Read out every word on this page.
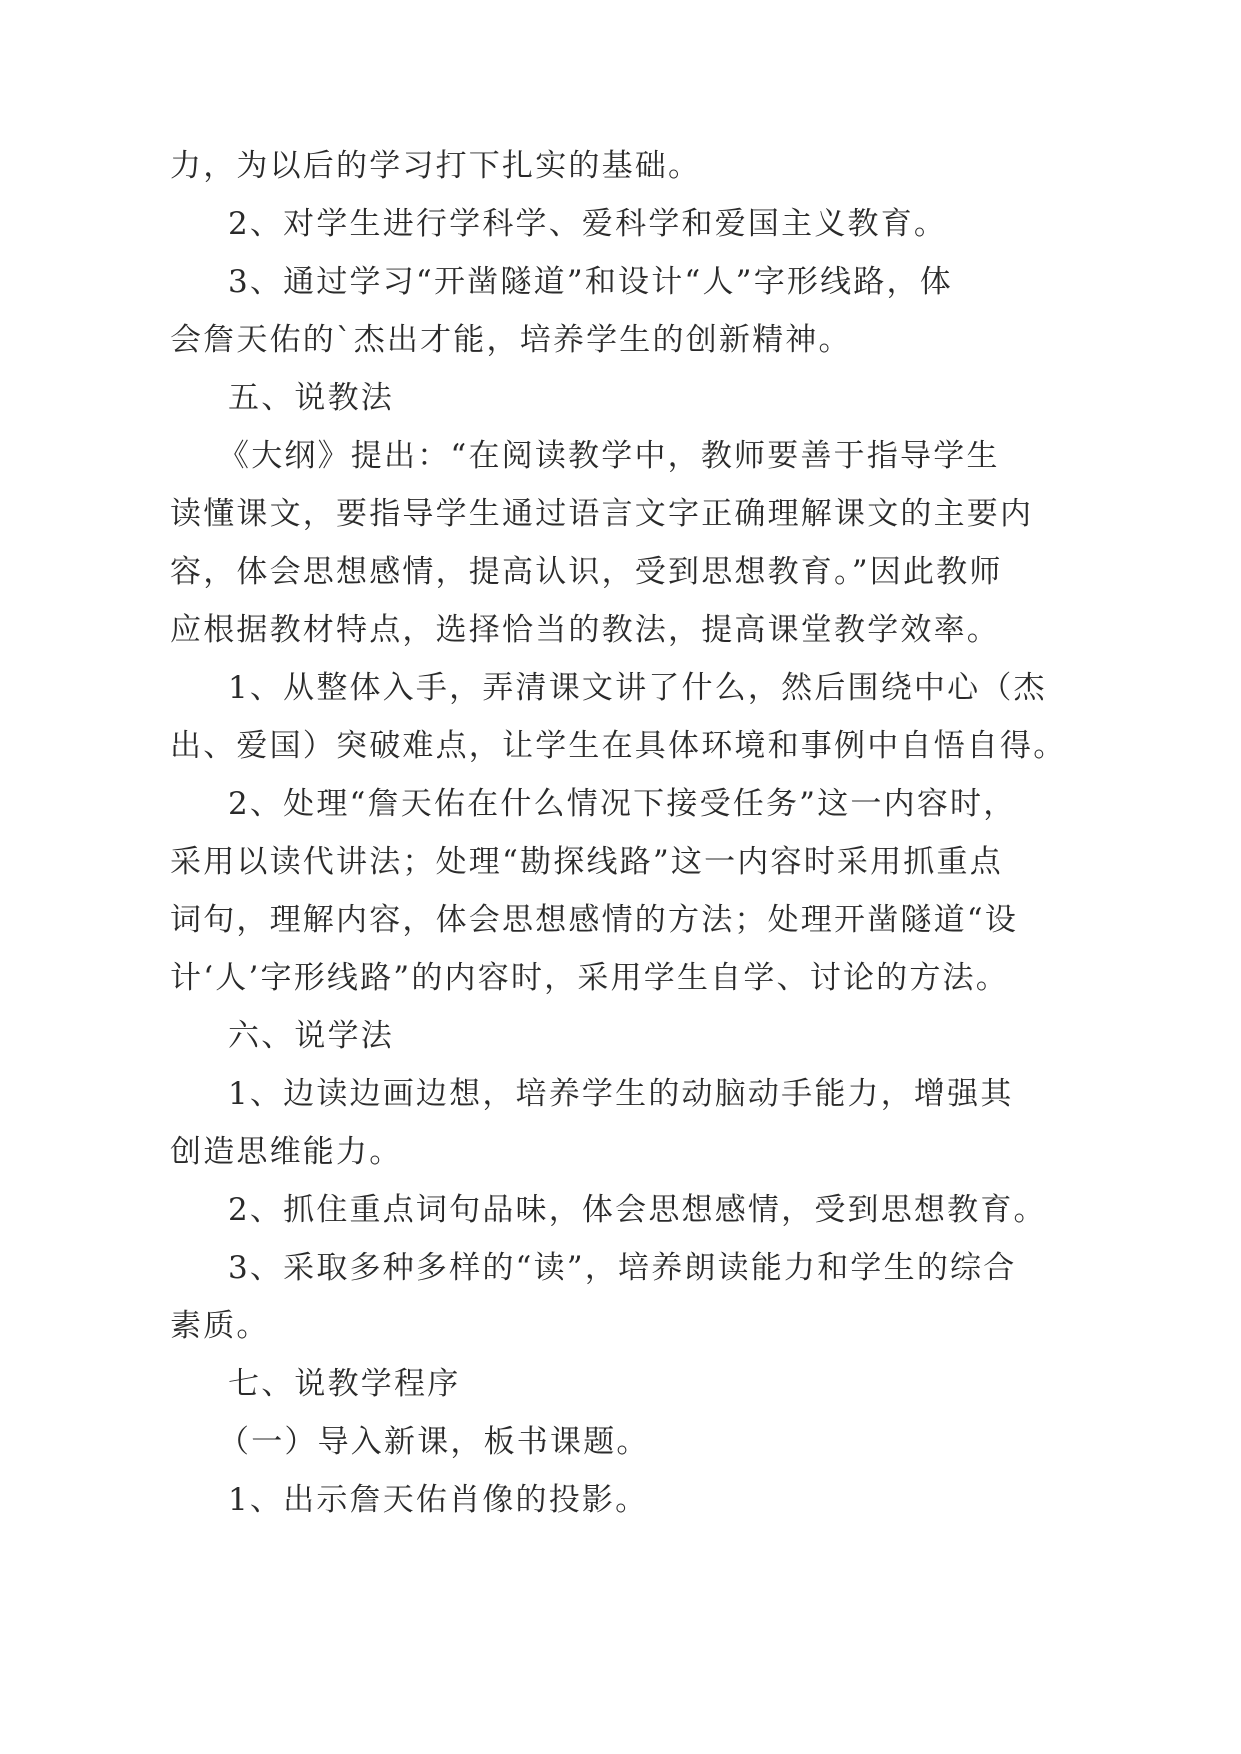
力，为以后的学习打下扎实的基础。
2、对学生进行学科学、爱科学和爱国主义教育。
3、通过学习“开凿隧道”和设计“人”字形线路，体
会詹天佑的`杰出才能，培养学生的创新精神。
五、说教法
《大纲》提出：“在阅读教学中，教师要善于指导学生
读懂课文，要指导学生通过语言文字正确理解课文的主要内
容，体会思想感情，提高认识，受到思想教育。”因此教师
应根据教材特点，选择恰当的教法，提高课堂教学效率。
1、从整体入手，弄清课文讲了什么，然后围绕中心（杰
出、爱国）突破难点，让学生在具体环境和事例中自悟自得。
2、处理“詹天佑在什么情况下接受任务”这一内容时，
采用以读代讲法；处理“勘探线路”这一内容时采用抓重点
词句，理解内容，体会思想感情的方法；处理开凿隧道“设
计‘人’字形线路”的内容时，采用学生自学、讨论的方法。
六、说学法
1、边读边画边想，培养学生的动脑动手能力，增强其
创造思维能力。
2、抓住重点词句品味，体会思想感情，受到思想教育。
3、采取多种多样的“读”，培养朗读能力和学生的综合
素质。
七、说教学程序
（一）导入新课，板书课题。
1、出示詹天佑肖像的投影。
